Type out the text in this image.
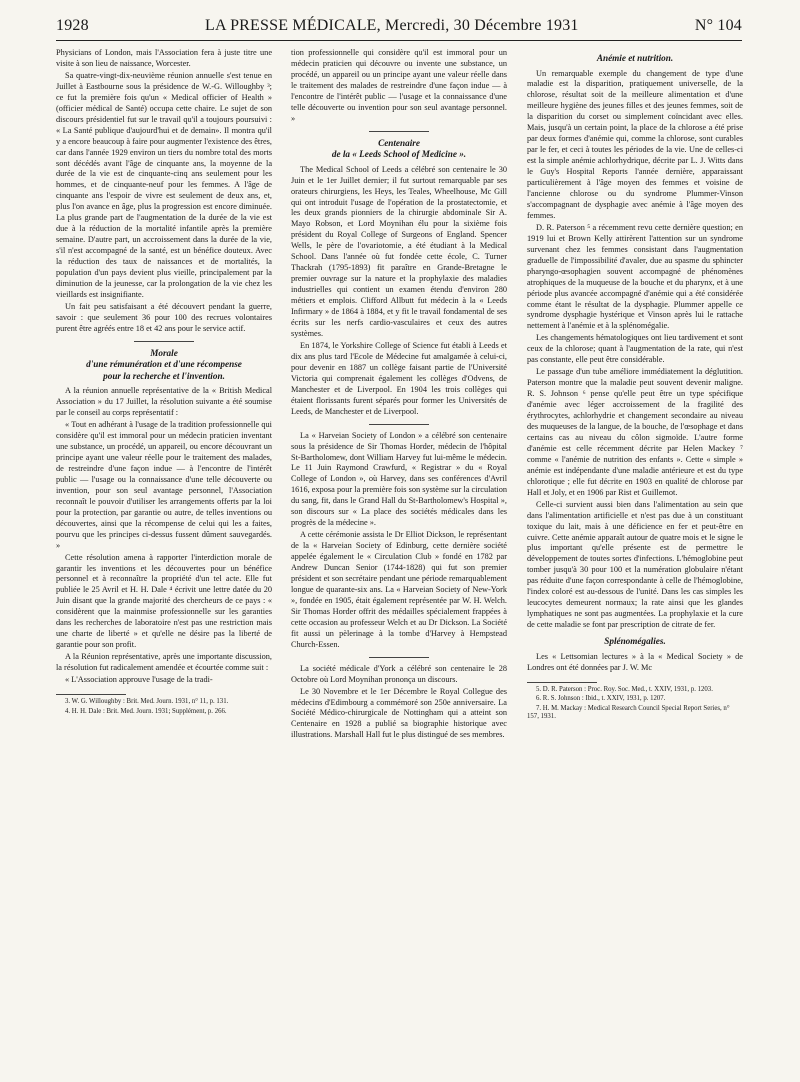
1928	LA PRESSE MÉDICALE, Mercredi, 30 Décembre 1931	N° 104

Physicians of London, mais l'Association fera à juste titre une visite à son lieu de naissance, Worcester.

Sa quatre-vingt-dix-neuvième réunion annuelle s'est tenue en Juillet à Eastbourne sous la présidence de W.-G. Willoughby ³; ce fut la première fois qu'un « Medical officier of Health » (officier médical de Santé) occupa cette chaire. Le sujet de son discours présidentiel fut sur le travail qu'il a toujours poursuivi : « La Santé publique d'aujourd'hui et de demain». Il montra qu'il y a encore beaucoup à faire pour augmenter l'existence des êtres, car dans l'année 1929 environ un tiers du nombre total des morts sont décédés avant l'âge de cinquante ans, la moyenne de la durée de la vie est de cinquante-cinq ans seulement pour les hommes, et de cinquante-neuf pour les femmes. A l'âge de cinquante ans l'espoir de vivre est seulement de deux ans, et, plus l'on avance en âge, plus la progression est encore diminuée. La plus grande part de l'augmentation de la durée de la vie est due à la réduction de la mortalité infantile après la première semaine. D'autre part, un accroissement dans la durée de la vie, s'il n'est accompagné de la santé, est un bénéfice douteux. Avec la réduction des taux de naissances et de mortalités, la population d'un pays devient plus vieille, principalement par la diminution de la jeunesse, car la prolongation de la vie chez les vieillards est insignifiante.

Un fait peu satisfaisant a été découvert pendant la guerre, savoir : que seulement 36 pour 100 des recrues volontaires purent être agréés entre 18 et 42 ans pour le service actif.

Morale
d'une rémunération et d'une récompense
pour la recherche et l'invention.

A la réunion annuelle représentative de la « British Medical Association » du 17 Juillet, la résolution suivante a été soumise par le conseil au corps représentatif :

« Tout en adhérant à l'usage de la tradition professionnelle qui considère qu'il est immoral pour un médecin praticien inventant une substance, un procédé, un appareil, ou encore découvrant un principe ayant une valeur réelle pour le traitement des malades, de restreindre d'une façon indue — à l'encontre de l'intérêt public — l'usage ou la connaissance d'une telle découverte ou invention, pour son seul avantage personnel, l'Association reconnaît le pouvoir d'utiliser les arrangements offerts par la loi pour la protection, par garantie ou autre, de telles inventions ou découvertes, ainsi que la récompense de celui qui les a faites, pourvu que les principes ci-dessus fussent dûment sauvegardés. »

Cette résolution amena à rapporter l'interdiction morale de garantir les inventions et les découvertes pour un bénéfice personnel et à reconnaître la propriété d'un tel acte. Elle fut publiée le 25 Avril et H. H. Dale ⁴ écrivit une lettre datée du 20 Juin disant que la grande majorité des chercheurs de ce pays : « considèrent que la mainmise professionnelle sur les garanties dans les recherches de laboratoire n'est pas une restriction mais une charte de liberté » et qu'elle ne désire pas la liberté de garantie pour son profit.

A la Réunion représentative, après une importante discussion, la résolution fut radicalement amendée et écourtée comme suit :

« L'Association approuve l'usage de la tradi-

3. W. G. Willoughby : Brit. Med. Journ. 1931, n° 11, p. 131.

4. H. H. Dale : Brit. Med. Journ. 1931; Supplément, p. 266.

tion professionnelle qui considère qu'il est immoral pour un médecin praticien qui découvre ou invente une substance, un procédé, un appareil ou un principe ayant une valeur réelle dans le traitement des malades de restreindre d'une façon indue — à l'encontre de l'intérêt public — l'usage et la connaissance d'une telle découverte ou invention pour son seul avantage personnel. »

Centenaire
de la « Leeds School of Medicine ».

The Medical School of Leeds a célébré son centenaire le 30 Juin et le 1er Juillet dernier; il fut surtout remarquable par ses orateurs chirurgiens, les Heys, les Teales, Wheelhouse, Mc Gill qui ont introduit l'usage de l'opération de la prostatectomie, et les deux grands pionniers de la chirurgie abdominale Sir A. Mayo Robson, et Lord Moynihan élu pour la sixième fois président du Royal College of Surgeons of England. Spencer Wells, le père de l'ovariotomie, a été étudiant à la Medical School. Dans l'année où fut fondée cette école, C. Turner Thackrah (1795-1893) fit paraître en Grande-Bretagne le premier ouvrage sur la nature et la prophylaxie des maladies industrielles qui contient un examen étendu d'environ 280 métiers et emplois. Clifford Allbutt fut médecin à la « Leeds Infirmary » de 1864 à 1884, et y fit le travail fondamental de ses écrits sur les nerfs cardio-vasculaires et ceux des autres systèmes.

En 1874, le Yorkshire College of Science fut établi à Leeds et dix ans plus tard l'Ecole de Médecine fut amalgamée à celui-ci, pour devenir en 1887 un collège faisant partie de l'Université Victoria qui comprenait également les collèges d'Odvens, de Manchester et de Liverpool. En 1904 les trois collèges qui étaient florissants furent séparés pour former les Universités de Leeds, de Manchester et de Liverpool.

La « Harveian Society of London » a célébré son centenaire sous la présidence de Sir Thomas Horder, médecin de l'hôpital St-Bartholomew, dont William Harvey fut lui-même le médecin. Le 11 Juin Raymond Crawfurd, « Registrar » du « Royal College of London », où Harvey, dans ses conférences d'Avril 1616, exposa pour la première fois son système sur la circulation du sang, fit, dans le Grand Hall du St-Bartholomew's Hospital », son discours sur « La place des sociétés médicales dans les progrès de la médecine ».

A cette cérémonie assista le Dr Elliot Dickson, le représentant de la « Harveian Society of Edinburg, cette dernière société appelée également le « Circulation Club » fondé en 1782 par Andrew Duncan Senior (1744-1828) qui fut son premier président et son secrétaire pendant une période remarquablement longue de quarante-six ans. La « Harveian Society of New-York », fondée en 1905, était également représentée par W. H. Welch. Sir Thomas Horder offrit des médailles spécialement frappées à cette occasion au professeur Welch et au Dr Dickson. La Société fit aussi un pèlerinage à la tombe d'Harvey à Hempstead Church-Essen.

La société médicale d'York a célébré son centenaire le 28 Octobre où Lord Moynihan prononça un discours.

Le 30 Novembre et le 1er Décembre le Royal Collegue des médecins d'Edimbourg a commémoré son 250e anniversaire. La Société Médico-chirurgicale de Nottingham qui a atteint son Centenaire en 1928 a publié sa biographie historique avec illustrations. Marshall Hall fut le plus distingué de ses membres.

Anémie et nutrition.

Un remarquable exemple du changement de type d'une maladie est la disparition, pratiquement universelle, de la chlorose, résultat soit de la meilleure alimentation et d'une meilleure hygiène des jeunes filles et des jeunes femmes, soit de la disparition du corset ou simplement coïncidant avec elles. Mais, jusqu'à un certain point, la place de la chlorose a été prise par deux formes d'anémie qui, comme la chlorose, sont curables par le fer, et ceci à toutes les périodes de la vie. Une de celles-ci est la simple anémie achlorhydrique, décrite par L. J. Witts dans le Guy's Hospital Reports l'année dernière, apparaissant particulièrement à l'âge moyen des femmes et voisine de l'ancienne chlorose ou du syndrome Plummer-Vinson s'accompagnant de dysphagie avec anémie à l'âge moyen des femmes.

D. R. Paterson ⁵ a récemment revu cette dernière question; en 1919 lui et Brown Kelly attirèrent l'attention sur un syndrome survenant chez les femmes consistant dans l'augmentation graduelle de l'impossibilité d'avaler, due au spasme du sphincter pharyngo-œsophagien souvent accompagné de phénomènes atrophiques de la muqueuse de la bouche et du pharynx, et à une période plus avancée accompagné d'anémie qui a été considérée comme étant le résultat de la dysphagie. Plummer appelle ce syndrome dysphagie hystérique et Vinson après lui le rattache nettement à l'anémie et à la splénomégalie.

Les changements hématologiques ont lieu tardivement et sont ceux de la chlorose; quant à l'augmentation de la rate, qui n'est pas constante, elle peut être considérable.

Le passage d'un tube améliore immédiatement la déglutition. Paterson montre que la maladie peut souvent devenir maligne. R. S. Johnson ⁶ pense qu'elle peut être un type spécifique d'anémie avec léger accroissement de la fragilité des érythrocytes, achlorhydrie et changement secondaire au niveau des muqueuses de la langue, de la bouche, de l'œsophage et dans certains cas au niveau du côlon sigmoïde. L'autre forme d'anémie est celle récemment décrite par Helen Mackey ⁷ comme « l'anémie de nutrition des enfants ». Cette « simple » anémie est indépendante d'une maladie antérieure et est du type chlorotique ; elle fut décrite en 1903 en qualité de chlorose par Hall et Joly, et en 1906 par Rist et Guillemot.

Celle-ci survient aussi bien dans l'alimentation au sein que dans l'alimentation artificielle et n'est pas due à un constituant toxique du lait, mais à une déficience en fer et peut-être en cuivre. Cette anémie apparaît autour de quatre mois et le signe le plus important qu'elle présente est de permettre le développement de toutes sortes d'infections. L'hémoglobine peut tomber jusqu'à 30 pour 100 et la numération globulaire n'étant pas réduite d'une façon correspondante à celle de l'hémoglobine, l'index coloré est au-dessous de l'unité. Dans les cas simples les leucocytes demeurent normaux; la rate ainsi que les glandes lymphatiques ne sont pas augmentées. La prophylaxie et la cure de cette maladie se font par prescription de citrate de fer.

Splénomégalies.

Les « Lettsomian lectures » à la « Medical Society » de Londres ont été données par J. W. Mc

5. D. R. Paterson : Proc. Roy. Soc. Med., t. XXIV, 1931, p. 1203.

6. R. S. Johnson : Ibid., t. XXIV, 1931, p. 1207.

7. H. M. Mackay : Medical Research Council Special Report Series, n° 157, 1931.
